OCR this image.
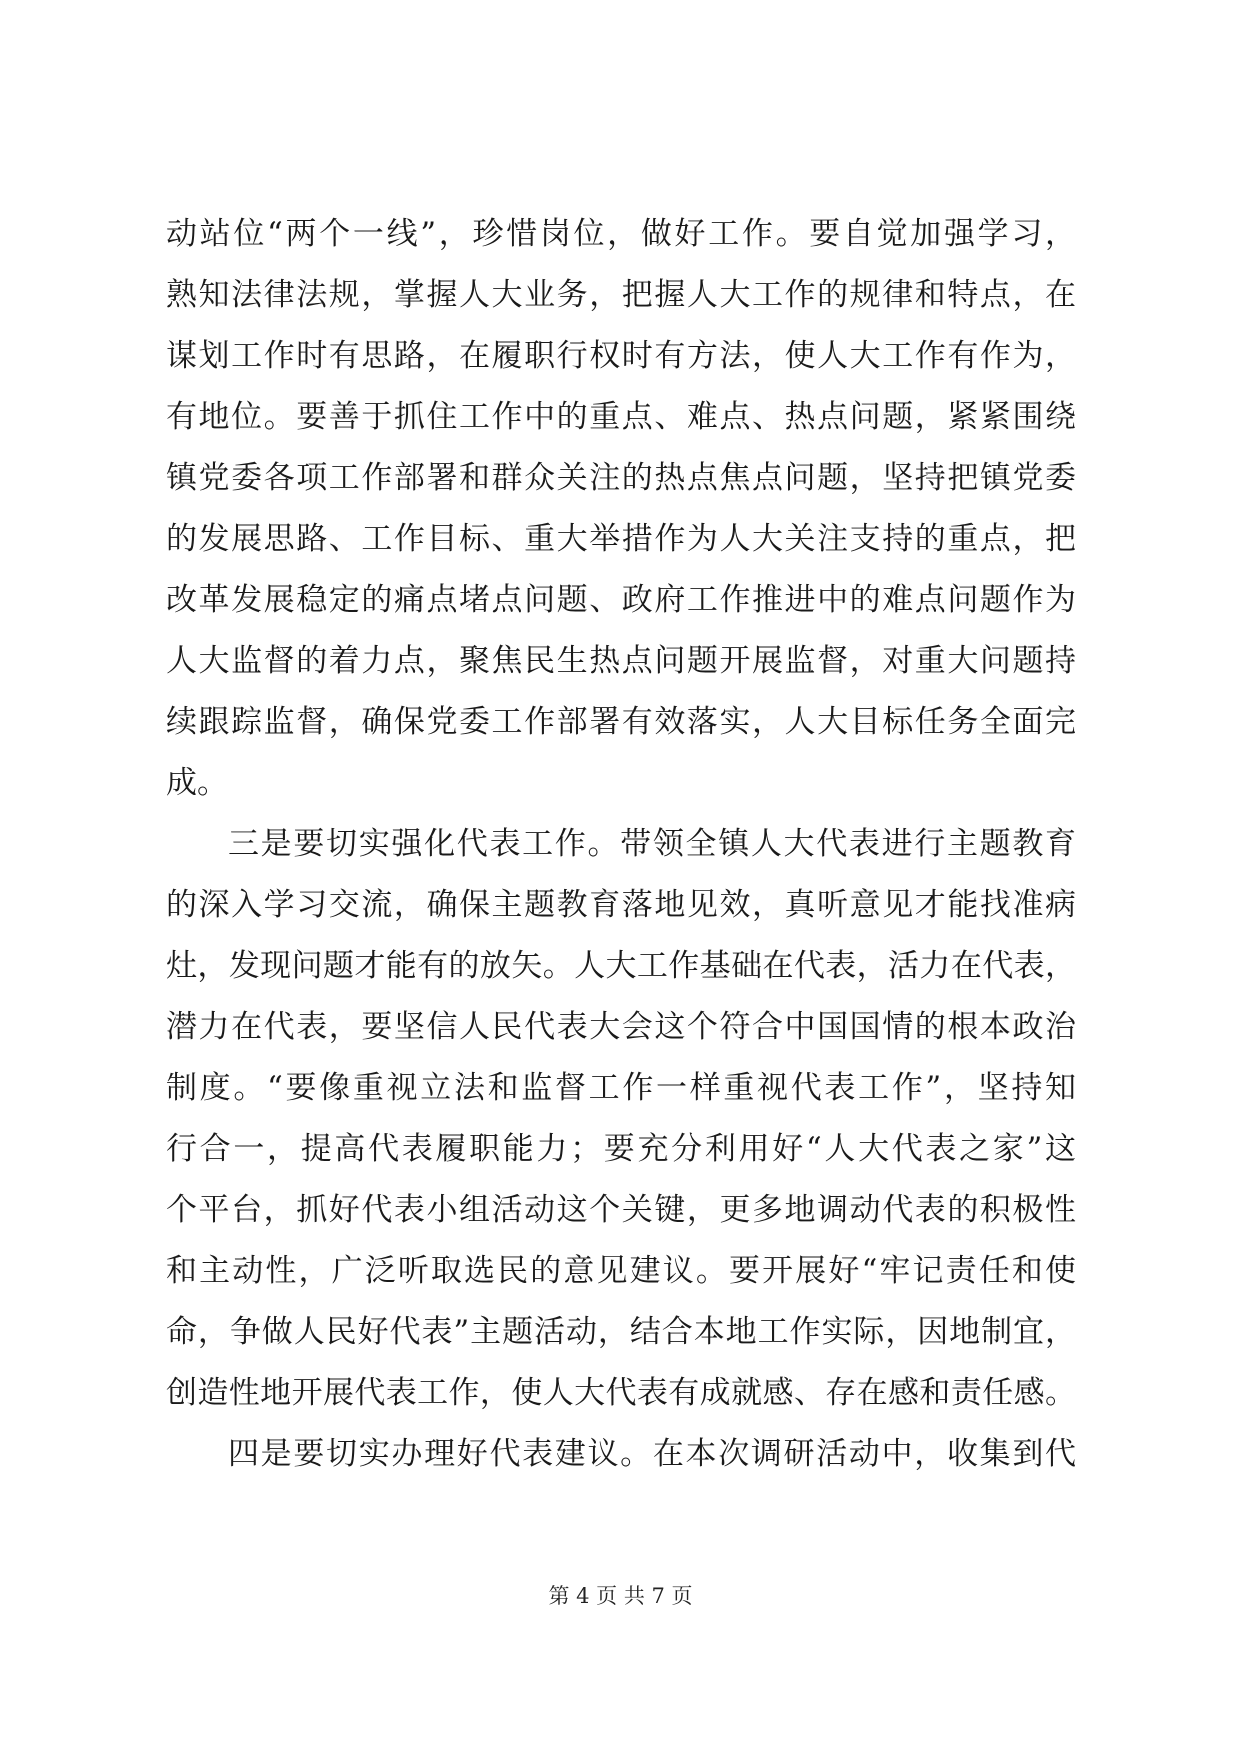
动站位“两个一线”，珍惜岗位，做好工作。要自觉加强学习，
熟知法律法规，掌握人大业务，把握人大工作的规律和特点，在
谋划工作时有思路，在履职行权时有方法，使人大工作有作为，
有地位。要善于抓住工作中的重点、难点、热点问题，紧紧围绕
镇党委各项工作部署和群众关注的热点焦点问题，坚持把镇党委
的发展思路、工作目标、重大举措作为人大关注支持的重点，把
改革发展稳定的痛点堵点问题、政府工作推进中的难点问题作为
人大监督的着力点，聚焦民生热点问题开展监督，对重大问题持
续跟踪监督，确保党委工作部署有效落实，人大目标任务全面完
成。
三是要切实强化代表工作。带领全镇人大代表进行主题教育
的深入学习交流，确保主题教育落地见效，真听意见才能找准病
灶，发现问题才能有的放矢。人大工作基础在代表，活力在代表，
潜力在代表，要坚信人民代表大会这个符合中国国情的根本政治
制度。“要像重视立法和监督工作一样重视代表工作”，坚持知
行合一，提高代表履职能力；要充分利用好“人大代表之家”这
个平台，抓好代表小组活动这个关键，更多地调动代表的积极性
和主动性，广泛听取选民的意见建议。要开展好“牢记责任和使
命，争做人民好代表”主题活动，结合本地工作实际，因地制宜，
创造性地开展代表工作，使人大代表有成就感、存在感和责任感。
四是要切实办理好代表建议。在本次调研活动中，收集到代
第 4 页 共 7 页
